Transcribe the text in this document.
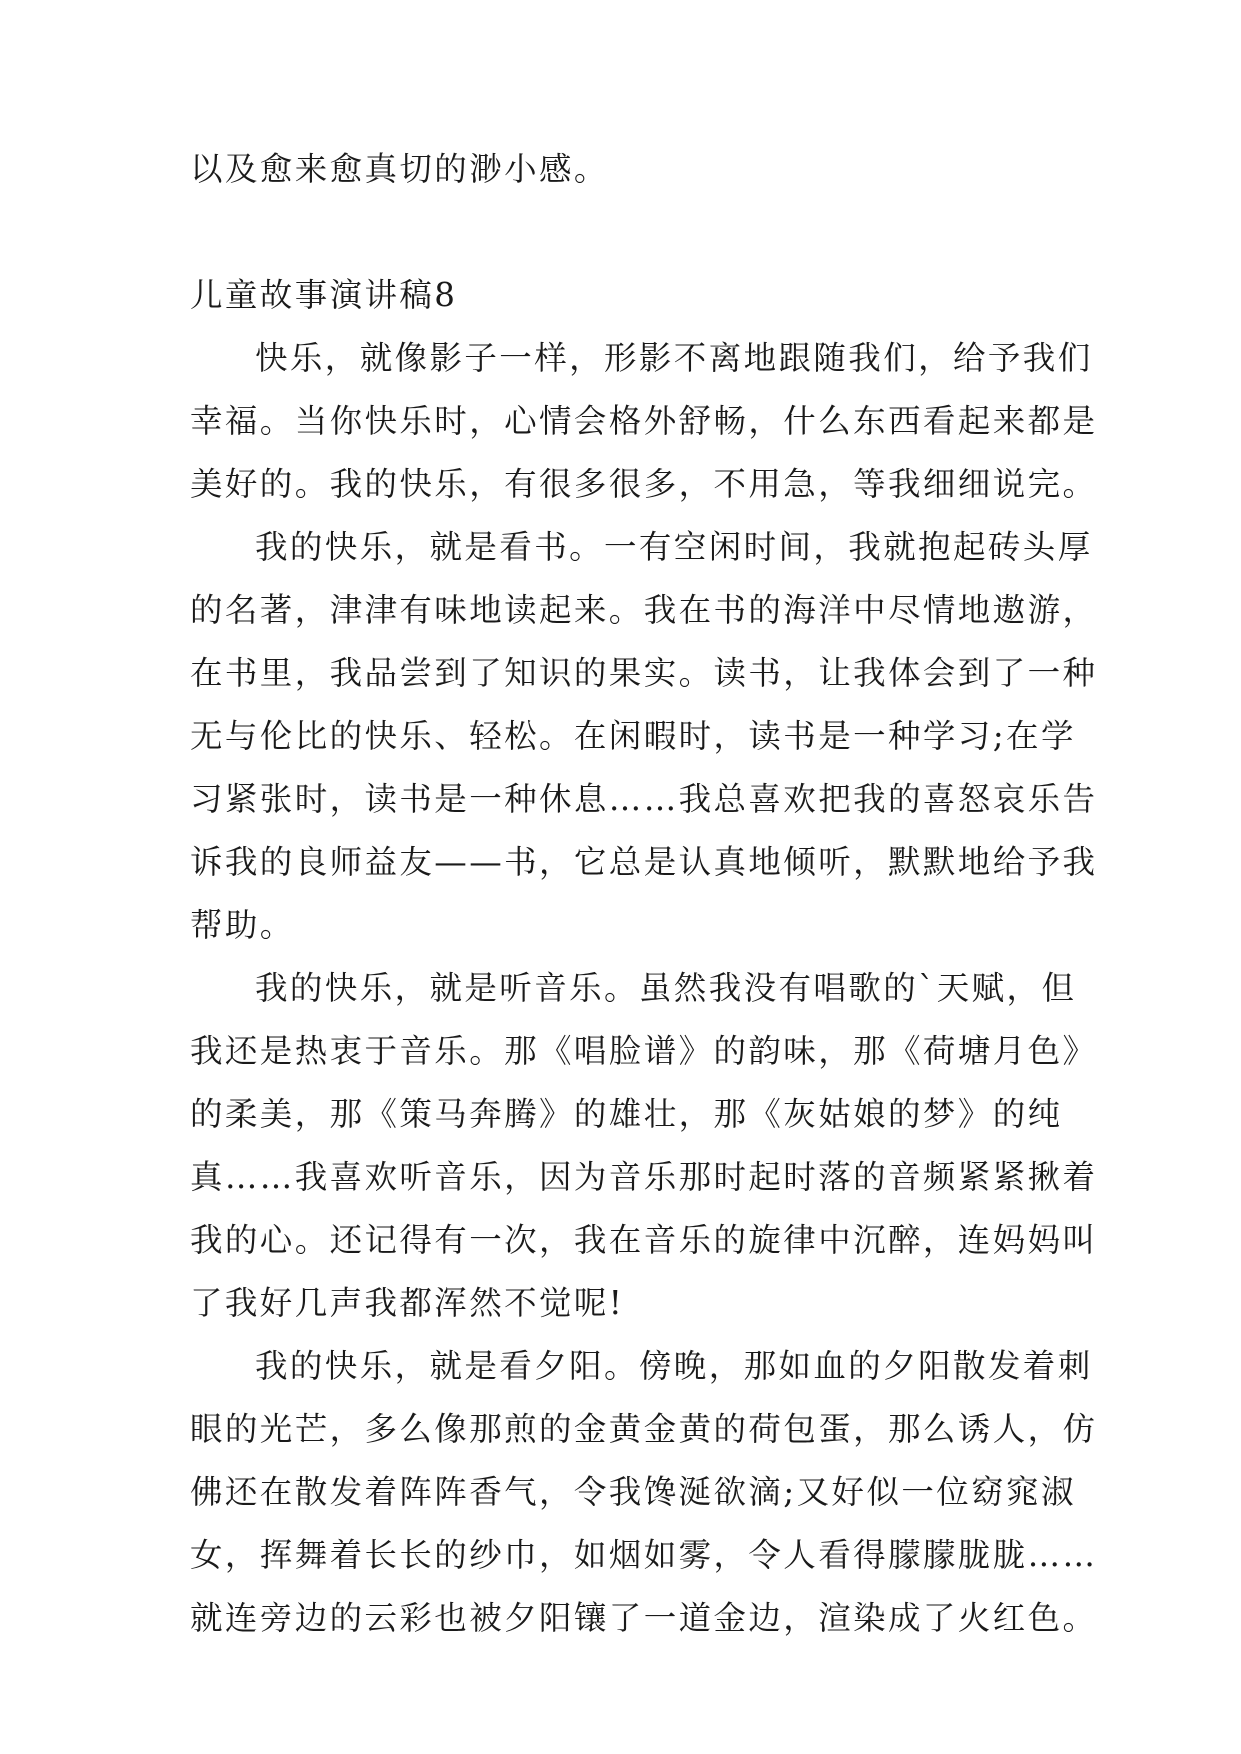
以及愈来愈真切的渺小感。
儿童故事演讲稿8
快乐，就像影子一样，形影不离地跟随我们，给予我们
幸福。当你快乐时，心情会格外舒畅，什么东西看起来都是
美好的。我的快乐，有很多很多，不用急，等我细细说完。
我的快乐，就是看书。一有空闲时间，我就抱起砖头厚
的名著，津津有味地读起来。我在书的海洋中尽情地遨游，
在书里，我品尝到了知识的果实。读书，让我体会到了一种
无与伦比的快乐、轻松。在闲暇时，读书是一种学习;在学
习紧张时，读书是一种休息……我总喜欢把我的喜怒哀乐告
诉我的良师益友——书，它总是认真地倾听，默默地给予我
帮助。
我的快乐，就是听音乐。虽然我没有唱歌的`天赋，但
我还是热衷于音乐。那《唱脸谱》的韵味，那《荷塘月色》
的柔美，那《策马奔腾》的雄壮，那《灰姑娘的梦》的纯
真……我喜欢听音乐，因为音乐那时起时落的音频紧紧揪着
我的心。还记得有一次，我在音乐的旋律中沉醉，连妈妈叫
了我好几声我都浑然不觉呢!
我的快乐，就是看夕阳。傍晚，那如血的夕阳散发着刺
眼的光芒，多么像那煎的金黄金黄的荷包蛋，那么诱人，仿
佛还在散发着阵阵香气，令我馋涎欲滴;又好似一位窈窕淑
女，挥舞着长长的纱巾，如烟如雾，令人看得朦朦胧胧……
就连旁边的云彩也被夕阳镶了一道金边，渲染成了火红色。
